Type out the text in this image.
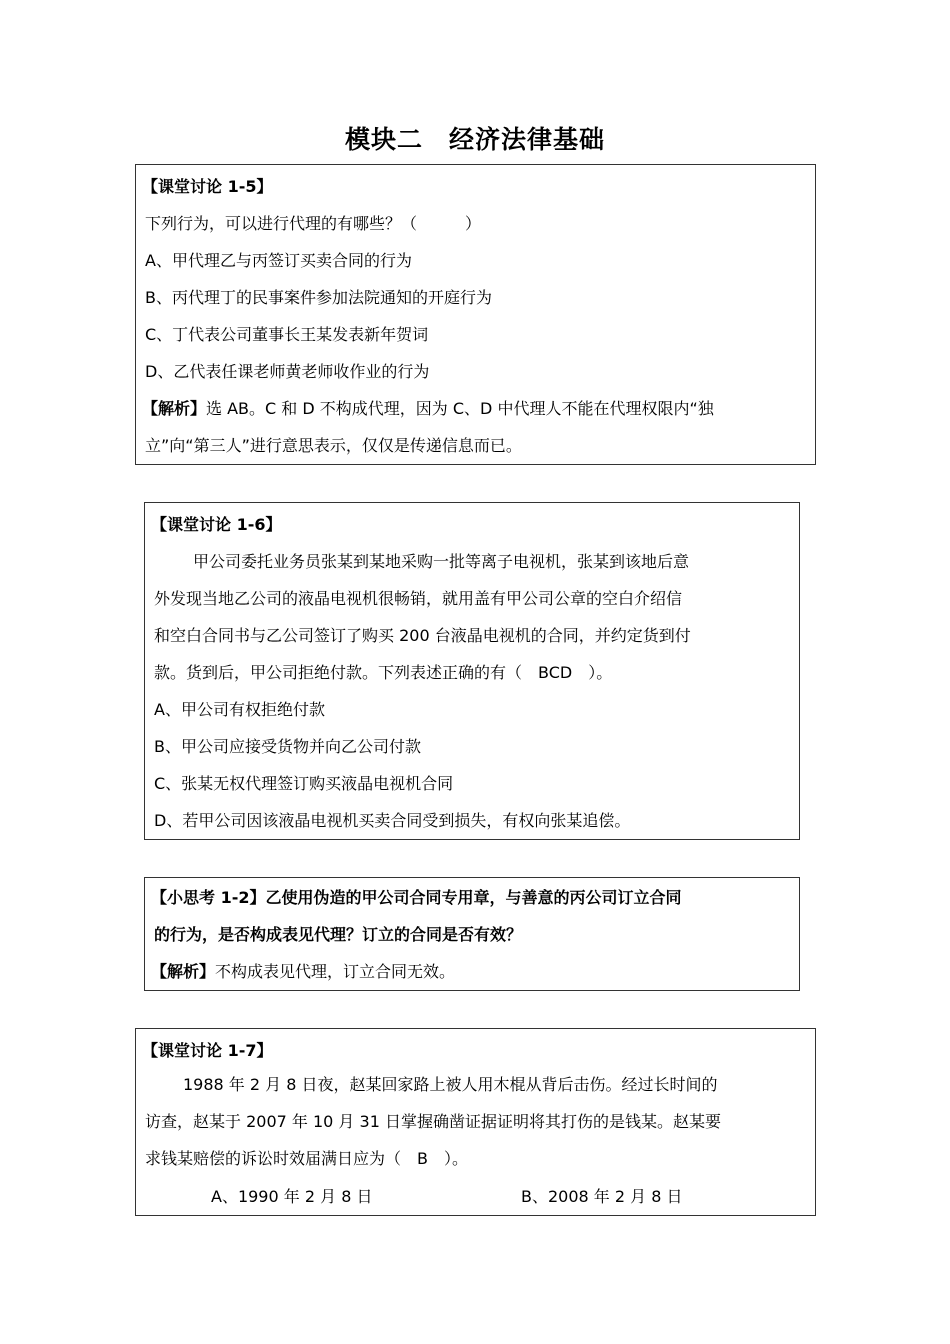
模块二　经济法律基础
【课堂讨论 1-5】
下列行为，可以进行代理的有哪些？（　　　）
A、甲代理乙与丙签订买卖合同的行为
B、丙代理丁的民事案件参加法院通知的开庭行为
C、丁代表公司董事长王某发表新年贺词
D、乙代表任课老师黄老师收作业的行为
【解析】选 AB。C 和 D 不构成代理，因为 C、D 中代理人不能在代理权限内“独
立”向“第三人”进行意思表示，仅仅是传递信息而已。
【课堂讨论 1-6】
甲公司委托业务员张某到某地采购一批等离子电视机，张某到该地后意
外发现当地乙公司的液晶电视机很畅销，就用盖有甲公司公章的空白介绍信
和空白合同书与乙公司签订了购买 200 台液晶电视机的合同，并约定货到付
款。货到后，甲公司拒绝付款。下列表述正确的有（　BCD　）。
A、甲公司有权拒绝付款
B、甲公司应接受货物并向乙公司付款
C、张某无权代理签订购买液晶电视机合同
D、若甲公司因该液晶电视机买卖合同受到损失，有权向张某追偿。
【小思考 1-2】乙使用伪造的甲公司合同专用章，与善意的丙公司订立合同
的行为，是否构成表见代理？订立的合同是否有效？
【解析】不构成表见代理，订立合同无效。
【课堂讨论 1-7】
1988 年 2 月 8 日夜，赵某回家路上被人用木棍从背后击伤。经过长时间的
访查，赵某于 2007 年 10 月 31 日掌握确凿证据证明将其打伤的是钱某。赵某要
求钱某赔偿的诉讼时效届满日应为（　B　）。
A、1990 年 2 月 8 日	B、2008 年 2 月 8 日
